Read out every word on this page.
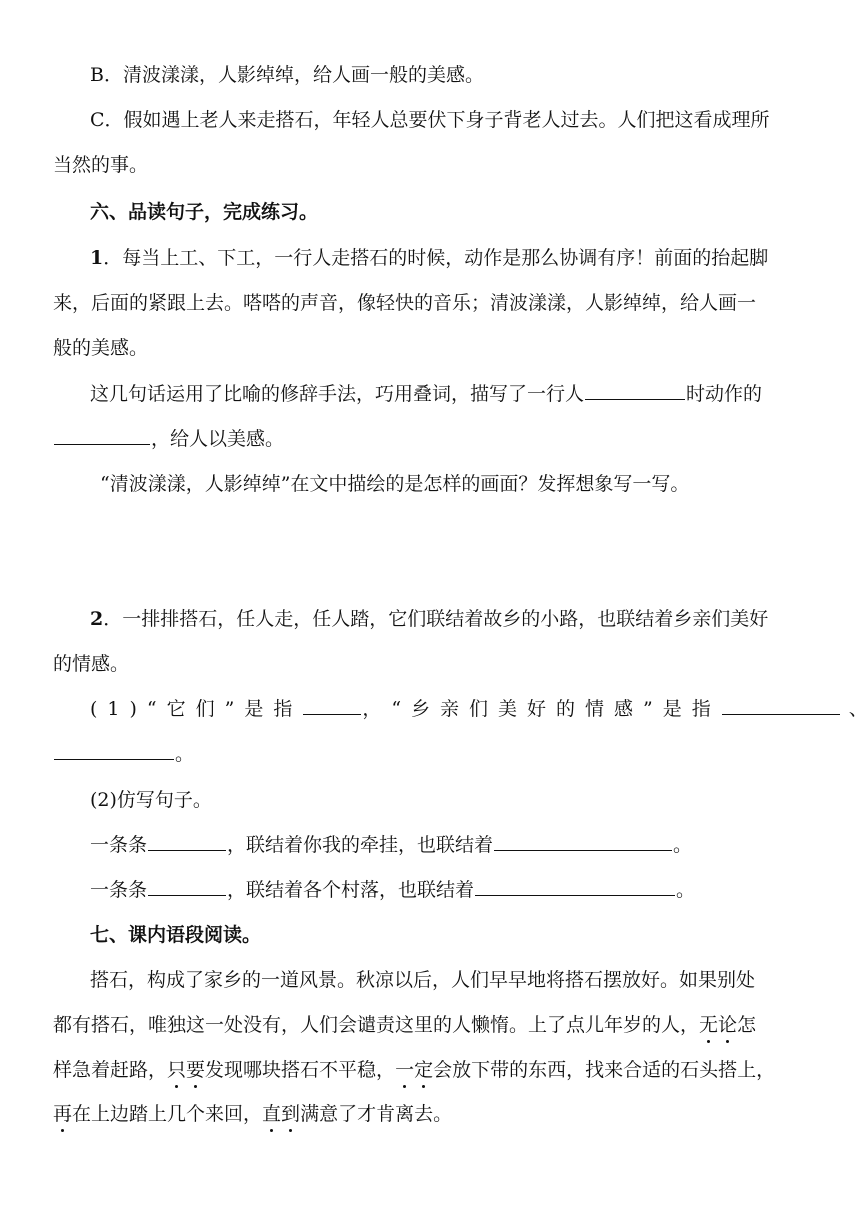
B．清波漾漾，人影绰绰，给人画一般的美感。
C．假如遇上老人来走搭石，年轻人总要伏下身子背老人过去。人们把这看成理所
当然的事。
六、品读句子，完成练习。
1．每当上工、下工，一行人走搭石的时候，动作是那么协调有序！前面的抬起脚
来，后面的紧跟上去。嗒嗒的声音，像轻快的音乐；清波漾漾，人影绰绰，给人画一
般的美感。
这几句话运用了比喻的修辞手法，巧用叠词，描写了一行人	时动作的
，给人以美感。
“清波漾漾，人影绰绰”在文中描绘的是怎样的画面？发挥想象写一写。
2．一排排搭石，任人走，任人踏，它们联结着故乡的小路，也联结着乡亲们美好
的情感。
(1)“它们”是指	，“乡亲们美好的情感”是指	、
。
(2)仿写句子。
一条条	，联结着你我的牵挂，也联结着	。
一条条	，联结着各个村落，也联结着	。
七、课内语段阅读。
搭石，构成了家乡的一道风景。秋凉以后，人们早早地将搭石摆放好。如果别处
都有搭石，唯独这一处没有，人们会谴责这里的人懒惰。上了点儿年岁的人，无论怎
样急着赶路，只要发现哪块搭石不平稳，一定会放下带的东西，找来合适的石头搭上，
再在上边踏上几个来回，直到满意了才肯离去。
